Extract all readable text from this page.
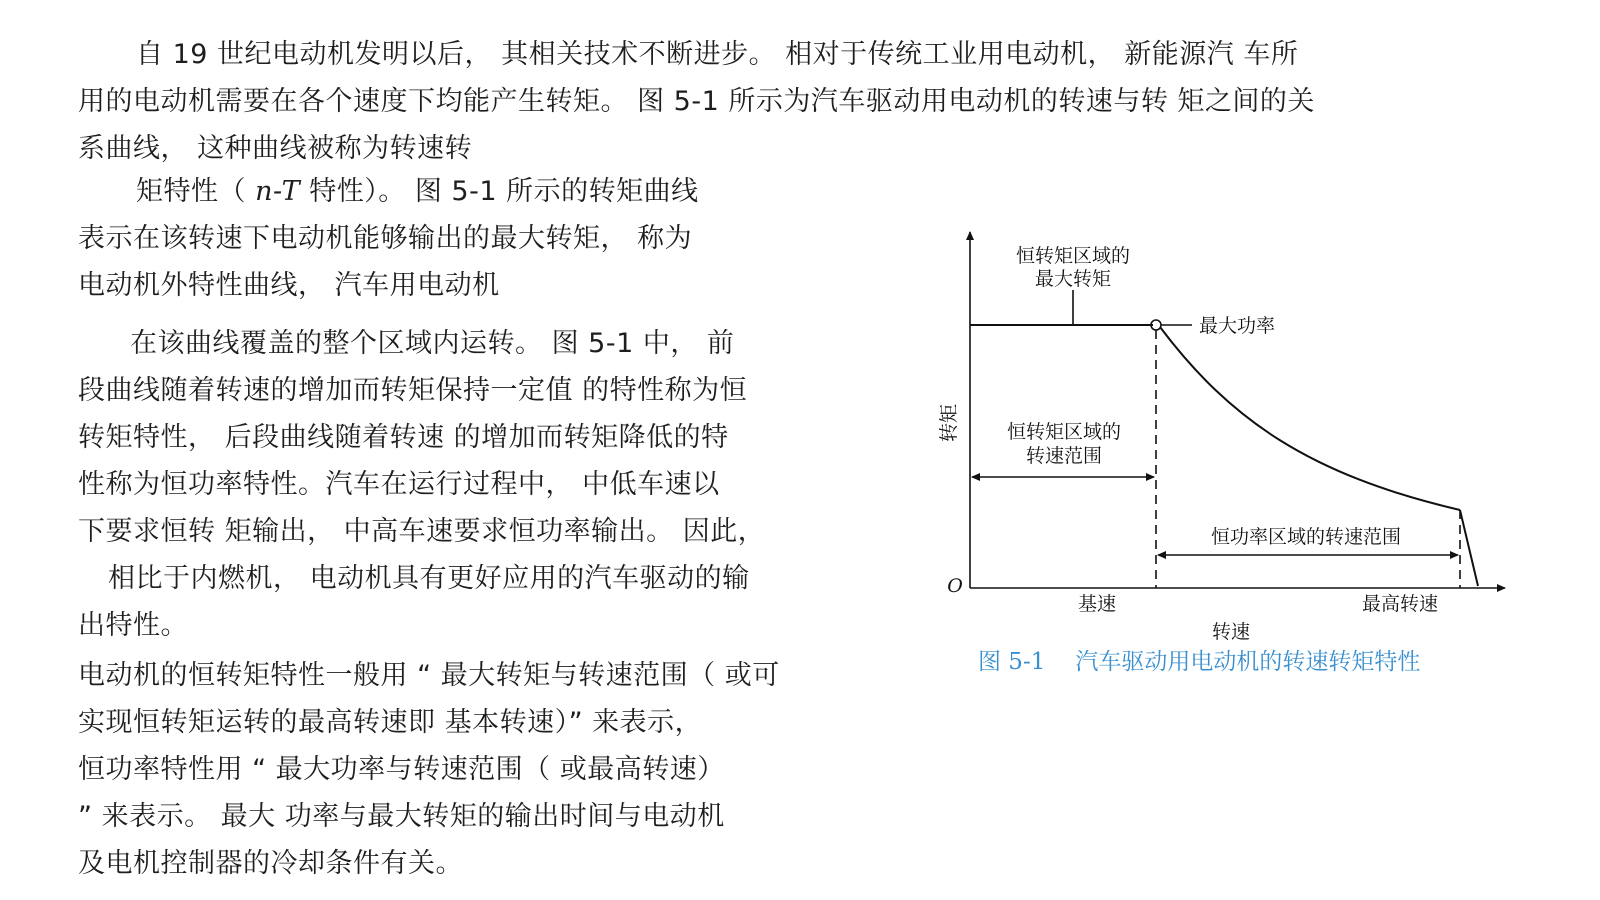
自 19 世纪电动机发明以后， 其相关技术不断进步。 相对于传统工业用电动机， 新能源汽 车所
用的电动机需要在各个速度下均能产生转矩。 图 5-1 所示为汽车驱动用电动机的转速与转 矩之间的关
系曲线， 这种曲线被称为转速转
矩特性（ n-T 特性）。 图 5-1 所示的转矩曲线
表示在该转速下电动机能够输出的最大转矩， 称为
电动机外特性曲线， 汽车用电动机
在该曲线覆盖的整个区域内运转。 图 5-1 中， 前
段曲线随着转速的增加而转矩保持一定值 的特性称为恒
转矩特性， 后段曲线随着转速 的增加而转矩降低的特
性称为恒功率特性。汽车在运行过程中， 中低车速以
下要求恒转 矩输出， 中高车速要求恒功率输出。 因此，
相比于内燃机， 电动机具有更好应用的汽车驱动的输
出特性。
电动机的恒转矩特性一般用 “ 最大转矩与转速范围（ 或可
实现恒转矩运转的最高转速即 基本转速）” 来表示，
恒功率特性用 “ 最大功率与转速范围（ 或最高转速）
” 来表示。 最大 功率与最大转矩的输出时间与电动机
及电机控制器的冷却条件有关。
恒转矩区域的
最大转矩
最大功率
转矩 恒转矩区域的
转速范围
恒功率区域的转速范围
O
基速	最高转速
转速
图 5-1 汽车驱动用电动机的转速转矩特性
